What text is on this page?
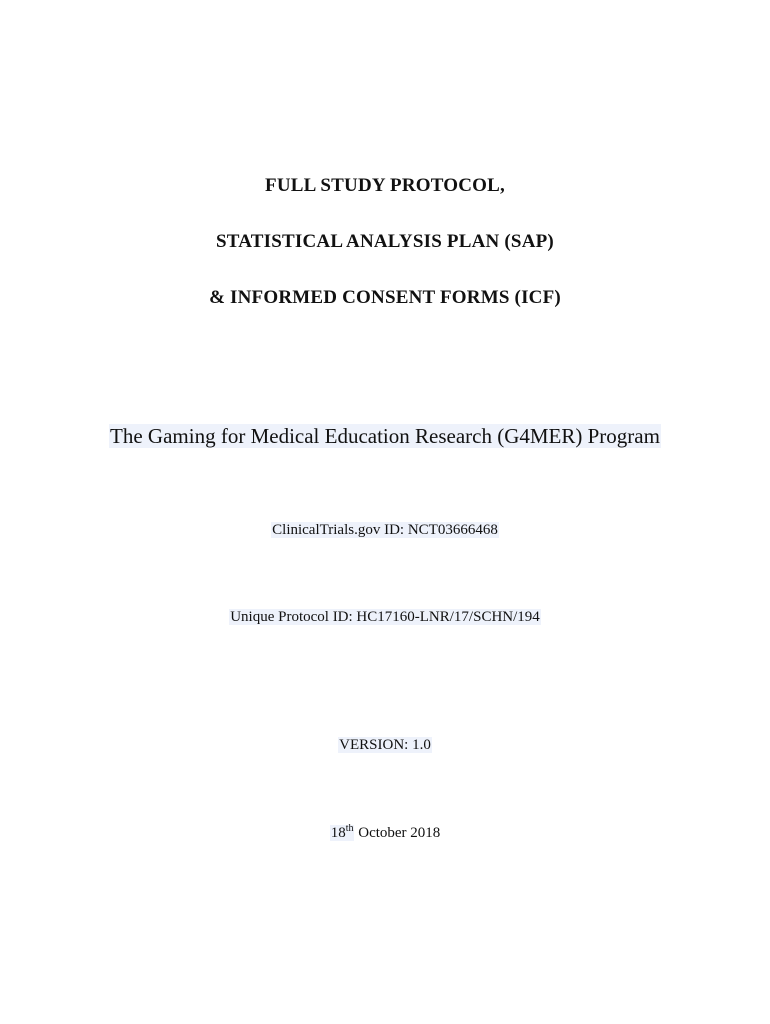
FULL STUDY PROTOCOL,
STATISTICAL ANALYSIS PLAN (SAP)
& INFORMED CONSENT FORMS (ICF)
The Gaming for Medical Education Research (G4MER) Program
ClinicalTrials.gov ID: NCT03666468
Unique Protocol ID: HC17160-LNR/17/SCHN/194
VERSION: 1.0
18th October 2018
